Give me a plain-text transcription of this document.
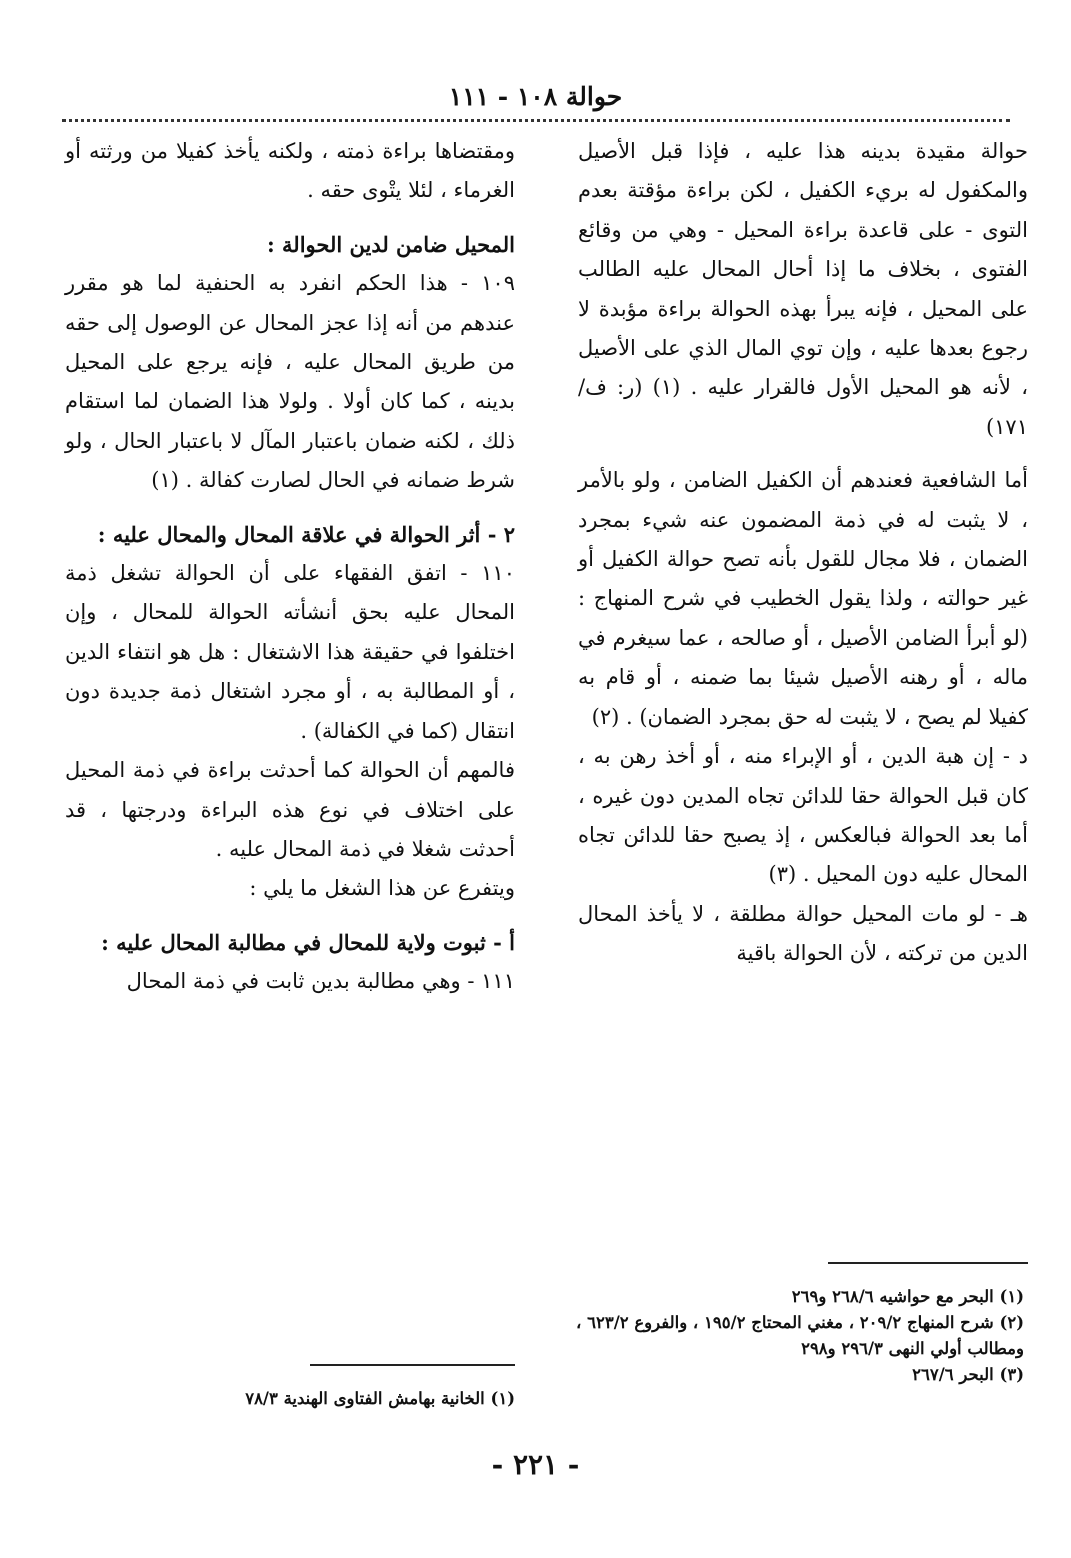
حوالة ١٠٨ - ١١١

حوالة مقيدة بدينه هذا عليه ، فإذا قبل الأصيل والمكفول له بريء الكفيل ، لكن براءة مؤقتة بعدم التوى - على قاعدة براءة المحيل - وهي من وقائع الفتوى ، بخلاف ما إذا أحال المحال عليه الطالب على المحيل ، فإنه يبرأ بهذه الحوالة براءة مؤبدة لا رجوع بعدها عليه ، وإن توي المال الذي على الأصيل ، لأنه هو المحيل الأول فالقرار عليه . (١) (ر: ف/١٧١)

أما الشافعية فعندهم أن الكفيل الضامن ، ولو بالأمر ، لا يثبت له في ذمة المضمون عنه شيء بمجرد الضمان ، فلا مجال للقول بأنه تصح حوالة الكفيل أو غير حوالته ، ولذا يقول الخطيب في شرح المنهاج : (لو أبرأ الضامن الأصيل ، أو صالحه ، عما سيغرم في ماله ، أو رهنه الأصيل شيئا بما ضمنه ، أو قام به كفيلا لم يصح ، لا يثبت له حق بمجرد الضمان) . (٢)

د - إن هبة الدين ، أو الإبراء منه ، أو أخذ رهن به ، كان قبل الحوالة حقا للدائن تجاه المدين دون غيره ، أما بعد الحوالة فبالعكس ، إذ يصبح حقا للدائن تجاه المحال عليه دون المحيل . (٣)

هـ - لو مات المحيل حوالة مطلقة ، لا يأخذ المحال الدين من تركته ، لأن الحوالة باقية

(١) البحر مع حواشيه ٢٦٨/٦ و٢٦٩

(٢) شرح المنهاج ٢٠٩/٢ ، مغني المحتاج ١٩٥/٢ ، والفروع ٦٢٣/٢ ، ومطالب أولي النهى ٢٩٦/٣ و٢٩٨

(٣) البحر ٢٦٧/٦

ومقتضاها براءة ذمته ، ولكنه يأخذ كفيلا من ورثته أو الغرماء ، لئلا يتْوى حقه .

المحيل ضامن لدين الحوالة :

١٠٩ - هذا الحكم انفرد به الحنفية لما هو مقرر عندهم من أنه إذا عجز المحال عن الوصول إلى حقه من طريق المحال عليه ، فإنه يرجع على المحيل بدينه ، كما كان أولا . ولولا هذا الضمان لما استقام ذلك ، لكنه ضمان باعتبار المآل لا باعتبار الحال ، ولو شرط ضمانه في الحال لصارت كفالة . (١)

٢ - أثر الحوالة في علاقة المحال والمحال عليه :

١١٠ - اتفق الفقهاء على أن الحوالة تشغل ذمة المحال عليه بحق أنشأته الحوالة للمحال ، وإن اختلفوا في حقيقة هذا الاشتغال : هل هو انتفاء الدين ، أو المطالبة به ، أو مجرد اشتغال ذمة جديدة دون انتقال (كما في الكفالة) .

فالمهم أن الحوالة كما أحدثت براءة في ذمة المحيل على اختلاف في نوع هذه البراءة ودرجتها ، قد أحدثت شغلا في ذمة المحال عليه .

ويتفرع عن هذا الشغل ما يلي :

أ - ثبوت ولاية للمحال في مطالبة المحال عليه :

١١١ - وهي مطالبة بدين ثابت في ذمة المحال

(١) الخانية بهامش الفتاوى الهندية ٧٨/٣

- ٢٢١ -
